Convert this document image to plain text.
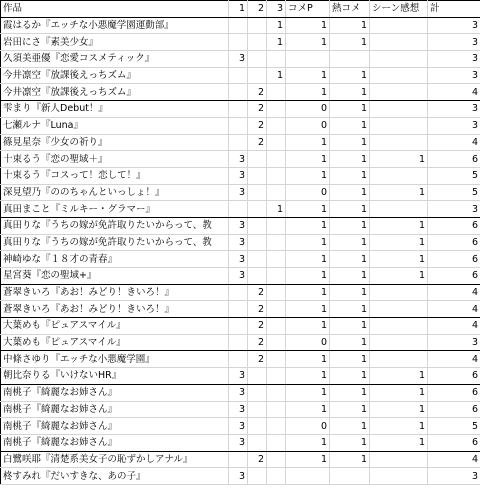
作品	1	2	3	コメP	熱コメ	シーン感想	計
霞はるか『エッチな小悪魔学園運動部』			1	1	1		3
岩田にさ『素美少女』			1	1	1		3
久須美亜優『恋愛コスメティック』	3						3
今井凛空『放課後えっちズム』			1	1	1		3
今井凛空『放課後えっちズム』		2		1	1		4
雫まり『新人Debut！』		2		0	1		3
七瀬ルナ『Luna』		2		0	1		3
篠見星奈『少女の祈り』		2		1	1		4
十束るう『恋の聖域＋』	3			1	1	1	6
十束るう『コスって！恋して！』	3			1	1		5
深見望乃『ののちゃんといっしょ！』	3			0	1	1	5
真田まこと『ミルキー・グラマー』			1	1	1		3
真田りな『うちの嫁が免許取りたいからって、教	3			1	1	1	6
真田りな『うちの嫁が免許取りたいからって、教	3			1	1	1	6
神崎ゆな『１８才の青春』	3			1	1	1	6
星宮葵『恋の聖域+』	3			1	1	1	6
蒼翠きいろ『あお！みどり！きいろ！』		2		1	1		4
蒼翠きいろ『あお！みどり！きいろ！』		2		1	1		4
大葉めも『ピュアスマイル』		2		1	1		4
大葉めも『ピュアスマイル』		2		0	1		3
中條さゆり『エッチな小悪魔学園』		2		1	1		4
朝比奈りる『いけないHR』	3			1	1	1	6
南桃子『綺麗なお姉さん』	3			1	1	1	6
南桃子『綺麗なお姉さん』	3			1	1	1	6
南桃子『綺麗なお姉さん』	3			0	1	1	5
南桃子『綺麗なお姉さん』	3			1	1	1	6
白鷺咲耶『清楚系美女子の恥ずかしアナル』		2		1	1		4
柊すみれ『だいすきな、あの子』	3						3
